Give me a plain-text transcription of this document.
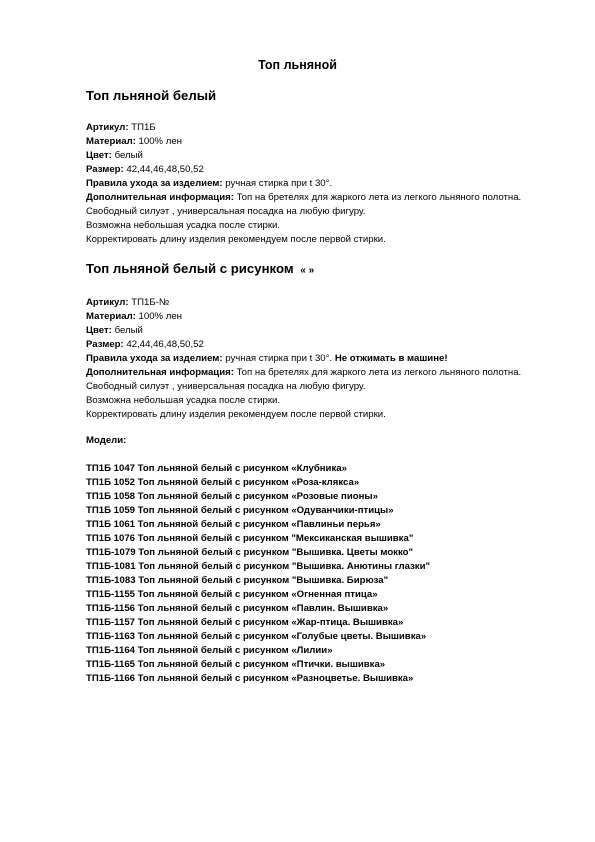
Топ льняной
Топ льняной белый
Артикул: ТП1Б
Материал: 100% лен
Цвет: белый
Размер: 42,44,46,48,50,52
Правила ухода за изделием: ручная стирка при t 30°.
Дополнительная информация: Топ на бретелях для жаркого лета из легкого льняного полотна. Свободный силуэт , универсальная посадка на любую фигуру.
Возможна небольшая усадка после стирки.
Корректировать длину изделия рекомендуем после первой стирки.
Топ льняной белый с рисунком « »
Артикул: ТП1Б-№
Материал: 100% лен
Цвет: белый
Размер: 42,44,46,48,50,52
Правила ухода за изделием: ручная стирка при t 30°. Не отжимать в машине!
Дополнительная информация: Топ на бретелях для жаркого лета из легкого льняного полотна. Свободный силуэт , универсальная посадка на любую фигуру.
Возможна небольшая усадка после стирки.
Корректировать длину изделия рекомендуем после первой стирки.
Модели:
ТП1Б 1047 Топ льняной белый с рисунком «Клубника»
ТП1Б 1052 Топ льняной белый с рисунком «Роза-клякса»
ТП1Б 1058 Топ льняной белый с рисунком «Розовые пионы»
ТП1Б 1059 Топ льняной белый с рисунком «Одуванчики-птицы»
ТП1Б 1061 Топ льняной белый с рисунком «Павлиньи перья»
ТП1Б 1076 Топ льняной белый с рисунком "Мексиканская вышивка"
ТП1Б-1079 Топ льняной белый с рисунком "Вышивка. Цветы мокко"
ТП1Б-1081 Топ льняной белый с рисунком "Вышивка. Анютины глазки"
ТП1Б-1083 Топ льняной белый с рисунком "Вышивка. Бирюза"
ТП1Б-1155 Топ льняной белый с рисунком «Огненная птица»
ТП1Б-1156 Топ льняной белый с рисунком «Павлин. Вышивка»
ТП1Б-1157 Топ льняной белый с рисунком «Жар-птица. Вышивка»
ТП1Б-1163 Топ льняной белый с рисунком «Голубые цветы. Вышивка»
ТП1Б-1164 Топ льняной белый с рисунком «Лилии»
ТП1Б-1165 Топ льняной белый с рисунком «Птички. вышивка»
ТП1Б-1166 Топ льняной белый с рисунком «Разноцветье. Вышивка»
